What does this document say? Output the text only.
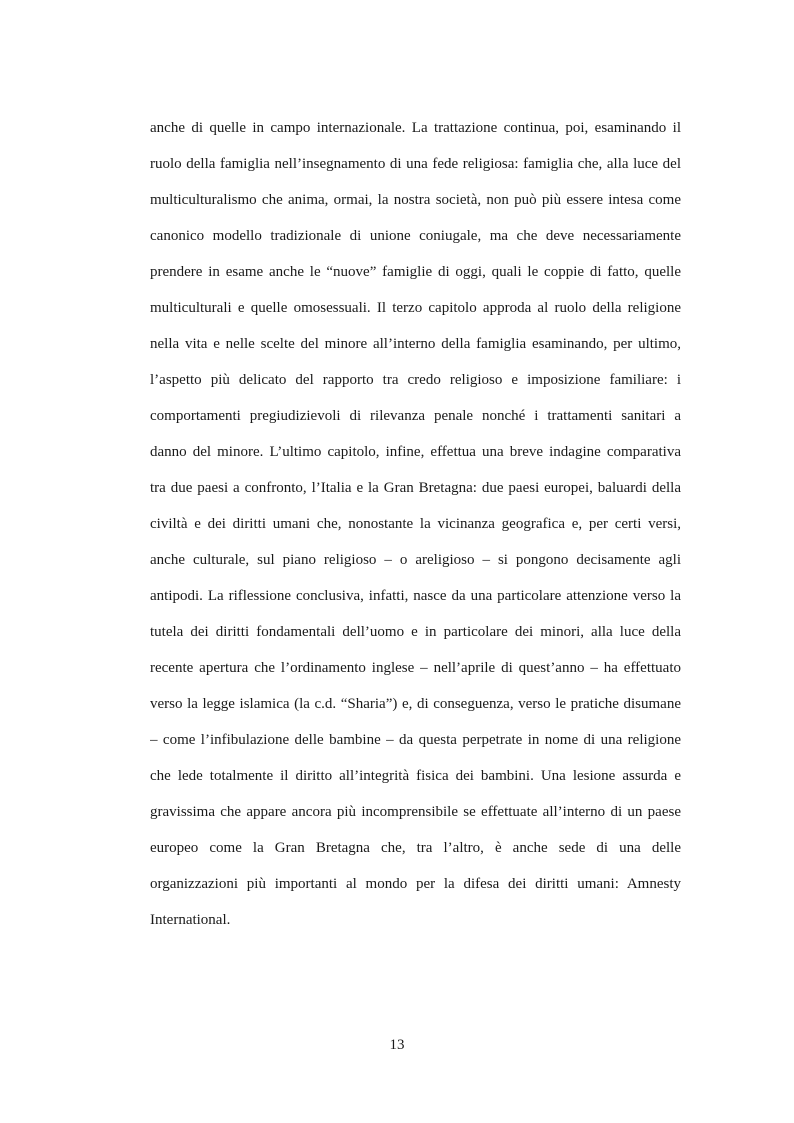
anche di quelle in campo internazionale. La trattazione continua, poi, esaminando il
ruolo della famiglia nell’insegnamento di una fede religiosa: famiglia che, alla luce del
multiculturalismo che anima, ormai, la nostra società, non può più essere intesa come
canonico modello tradizionale di unione coniugale, ma che deve necessariamente
prendere in esame anche le “nuove” famiglie di oggi, quali le coppie di fatto, quelle
multiculturali e quelle omosessuali. Il terzo capitolo approda al ruolo della religione
nella vita e nelle scelte del minore all’interno della famiglia esaminando, per ultimo,
l’aspetto più delicato del rapporto tra credo religioso e imposizione familiare: i
comportamenti pregiudizievoli di rilevanza penale nonché i trattamenti sanitari a
danno del minore. L’ultimo capitolo, infine, effettua una breve indagine comparativa
tra due paesi a confronto, l’Italia e la Gran Bretagna: due paesi europei, baluardi della
civiltà e dei diritti umani che, nonostante la vicinanza geografica e, per certi versi,
anche culturale, sul piano religioso – o areligioso – si pongono decisamente agli
antipodi. La riflessione conclusiva, infatti, nasce da una particolare attenzione verso la
tutela dei diritti fondamentali dell’uomo e in particolare dei minori, alla luce della
recente apertura che l’ordinamento inglese – nell’aprile di quest’anno – ha effettuato
verso la legge islamica (la c.d. “Sharia”) e, di conseguenza, verso le pratiche disumane
– come l’infibulazione delle bambine – da questa perpetrate in nome di una religione
che lede totalmente il diritto all’integrità fisica dei bambini. Una lesione assurda e
gravissima che appare ancora più incomprensibile se effettuate all’interno di un paese
europeo come la Gran Bretagna che, tra l’altro, è anche sede di una delle
organizzazioni più importanti al mondo per la difesa dei diritti umani: Amnesty
International.
13
